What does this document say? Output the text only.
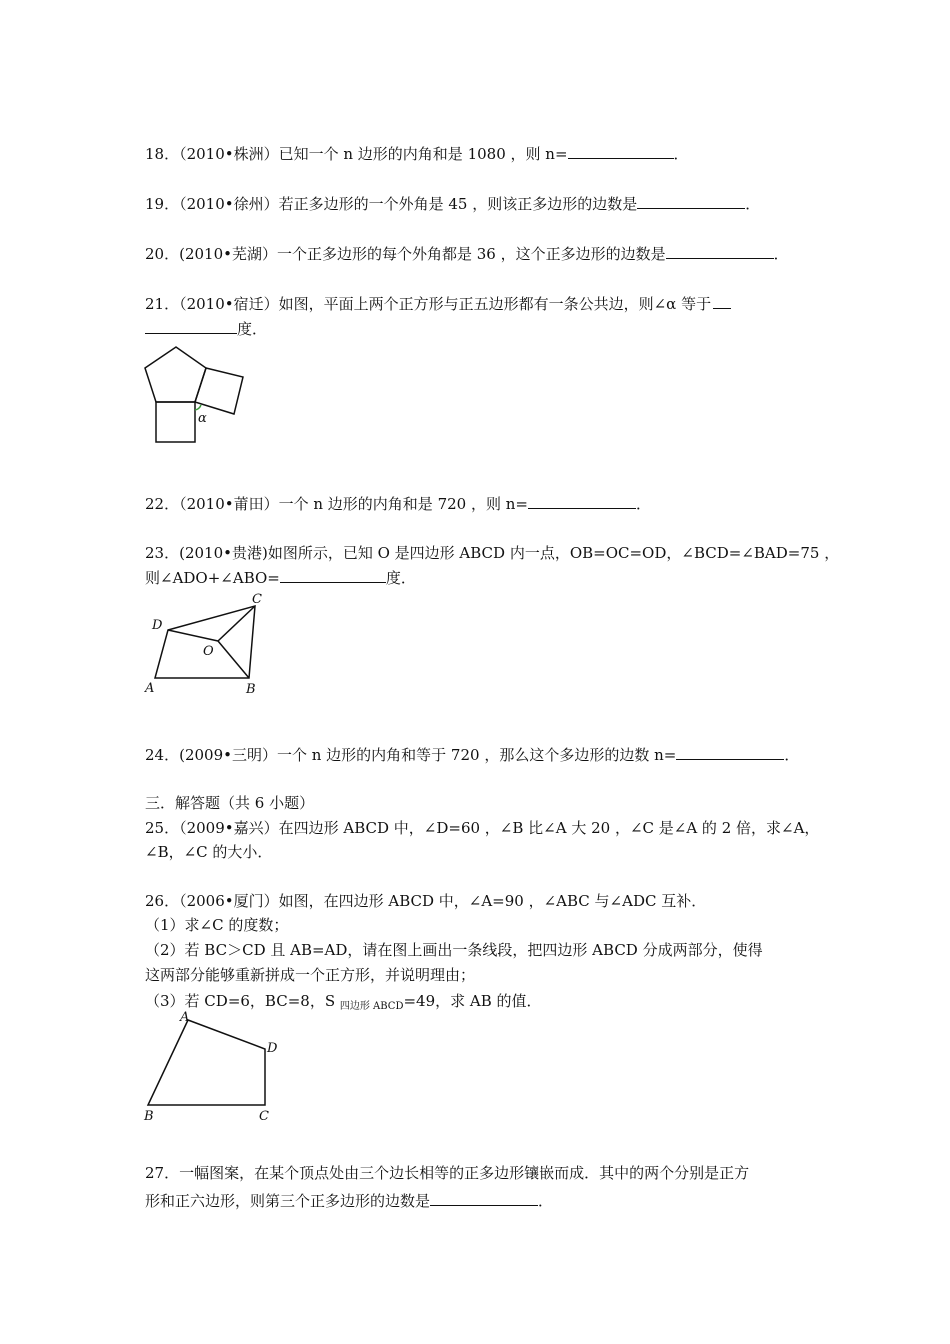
18．（2010•株洲）已知一个 n 边形的内角和是 1080 ，则 n=	．
19．（2010•徐州）若正多边形的一个外角是 45 ，则该正多边形的边数是	．
20．(2010•芜湖）一个正多边形的每个外角都是 36 ，这个正多边形的边数是	．
21．（2010•宿迁）如图，平面上两个正方形与正五边形都有一条公共边，则∠α 等于
度．
α
22．（2010•莆田）一个 n 边形的内角和是 720 ，则 n=	．
23．(2010•贵港)如图所示，已知 O 是四边形 ABCD 内一点，OB=OC=OD，∠BCD=∠BAD=75 ，
则∠ADO+∠ABO=	度．
A	B
C
D
O
24．(2009•三明）一个 n 边形的内角和等于 720 ，那么这个多边形的边数 n=	．
三．解答题（共 6 小题）
25．（2009•嘉兴）在四边形 ABCD 中，∠D=60 ，∠B 比∠A 大 20 ，∠C 是∠A 的 2 倍，求∠A，
∠B，∠C 的大小．
26．（2006•厦门）如图，在四边形 ABCD 中，∠A=90 ，∠ABC 与∠ADC 互补．
（1）求∠C 的度数；
（2）若 BC＞CD 且 AB=AD，请在图上画出一条线段，把四边形 ABCD 分成两部分，使得
这两部分能够重新拼成一个正方形，并说明理由；
（3）若 CD=6，BC=8，S $_{四边形 ABCD}$=49，求 AB 的值．
A
B	C
D
27．一幅图案，在某个顶点处由三个边长相等的正多边形镶嵌而成．其中的两个分别是正方
形和正六边形，则第三个正多边形的边数是	．
